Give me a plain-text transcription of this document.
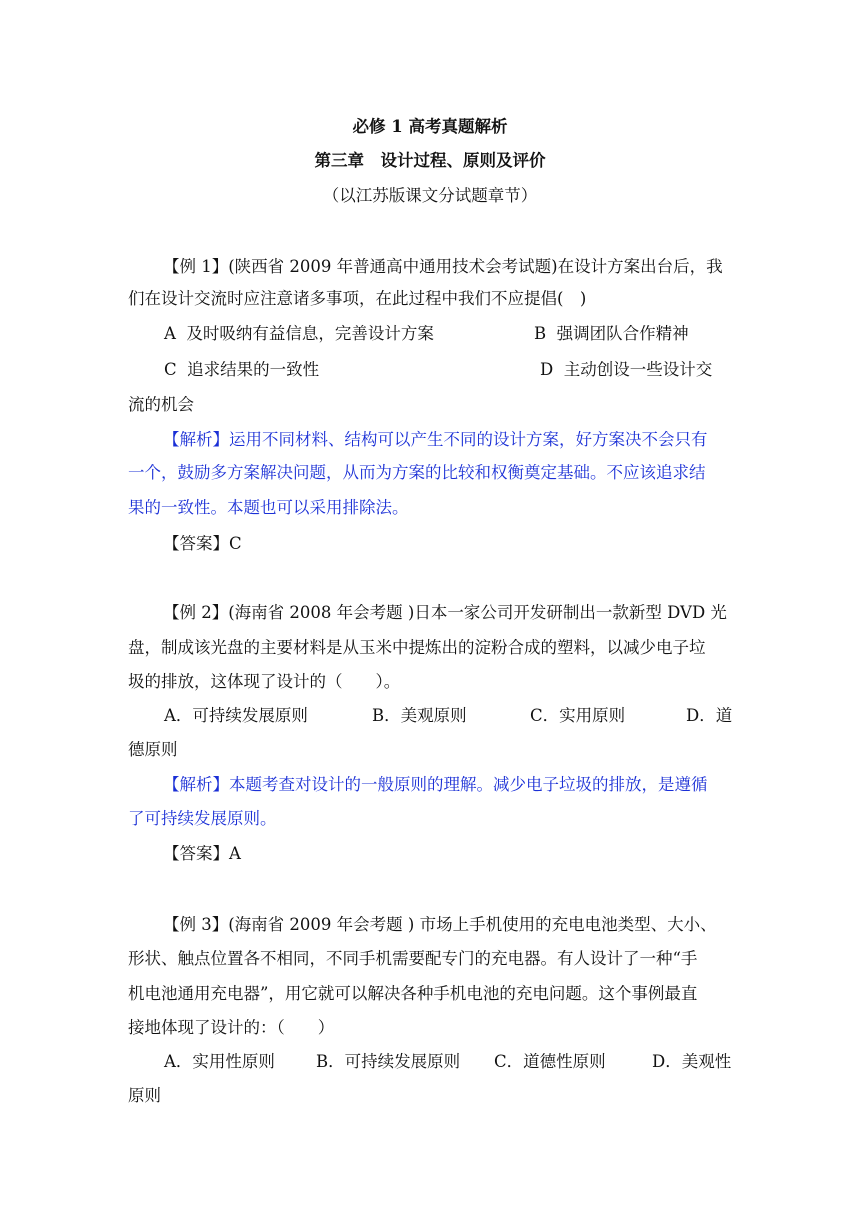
必修 1 高考真题解析
第三章　设计过程、原则及评价
（以江苏版课文分试题章节）
【例 1】(陕西省 2009 年普通高中通用技术会考试题)在设计方案出台后，我
们在设计交流时应注意诸多事项，在此过程中我们不应提倡(　)
A  及时吸纳有益信息，完善设计方案	B  强调团队合作精神
C  追求结果的一致性	D  主动创设一些设计交
流的机会
【解析】运用不同材料、结构可以产生不同的设计方案，好方案决不会只有
一个，鼓励多方案解决问题，从而为方案的比较和权衡奠定基础。不应该追求结
果的一致性。本题也可以采用排除法。
【答案】C
【例 2】(海南省 2008 年会考题 )日本一家公司开发研制出一款新型 DVD 光
盘，制成该光盘的主要材料是从玉米中提炼出的淀粉合成的塑料，以减少电子垃
圾的排放，这体现了设计的（　　）。
A．可持续发展原则	B．美观原则	C．实用原则	D．道
德原则
【解析】本题考查对设计的一般原则的理解。减少电子垃圾的排放，是遵循
了可持续发展原则。
【答案】A
【例 3】(海南省 2009 年会考题 ) 市场上手机使用的充电电池类型、大小、
形状、触点位置各不相同，不同手机需要配专门的充电器。有人设计了一种“手
机电池通用充电器”，用它就可以解决各种手机电池的充电问题。这个事例最直
接地体现了设计的：（　　）
A．实用性原则 B．可持续发展原则 C．道德性原则	D．美观性
原则
